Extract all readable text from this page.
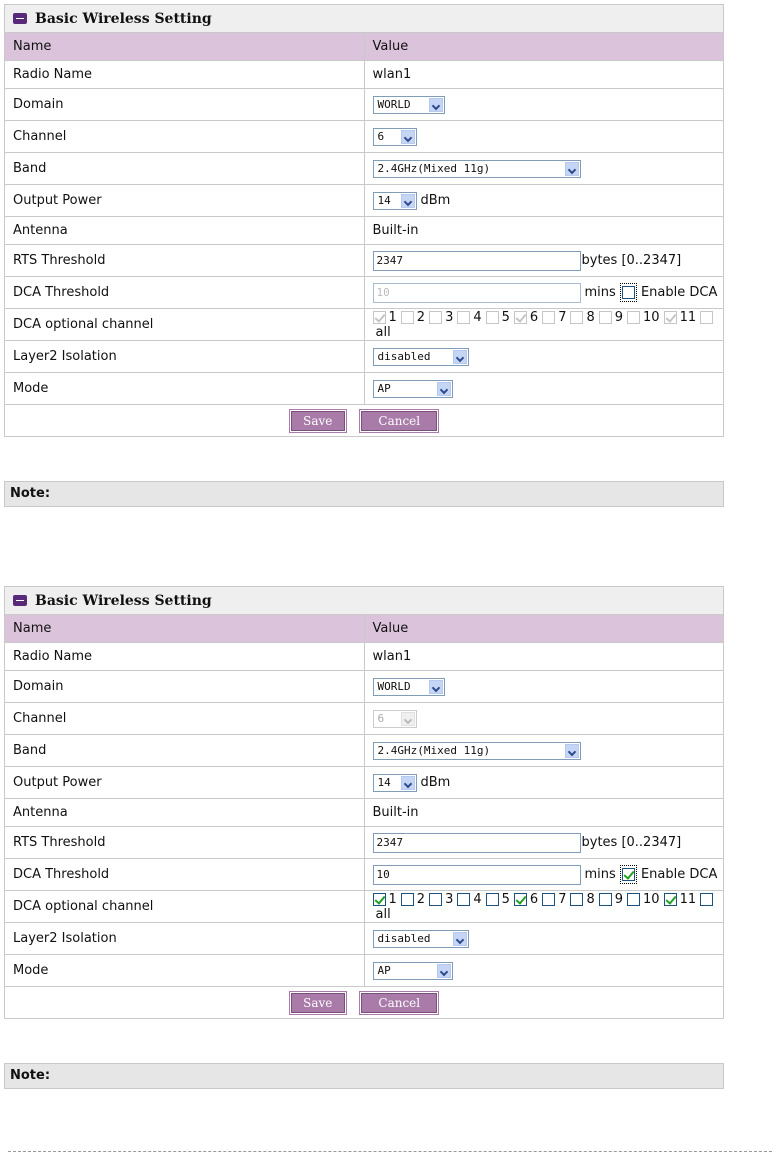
Basic Wireless Setting	
Name	Value
Radio Name	wlan1
Domain	WORLD

Channel	6

Band	2.4GHz(Mixed 11g)

Output Power	14 dBm
Antenna	Built-in
RTS Threshold	2347 bytes [0..2347]
DCA Threshold	10 mins Enable DCA
DCA optional channel	1 2 3 4 5 6 7 8 9 10 11all
Layer2 Isolation	disabled

Mode	AP

Save Cancel	
Note:
Basic Wireless Setting	
Name	Value
Radio Name	wlan1
Domain	WORLD

Channel	6

Band	2.4GHz(Mixed 11g)

Output Power	14 dBm
Antenna	Built-in
RTS Threshold	2347 bytes [0..2347]
DCA Threshold	10 mins Enable DCA
DCA optional channel	1 2 3 4 5 6 7 8 9 10 11all
Layer2 Isolation	disabled

Mode	AP

Save Cancel	
Note:
